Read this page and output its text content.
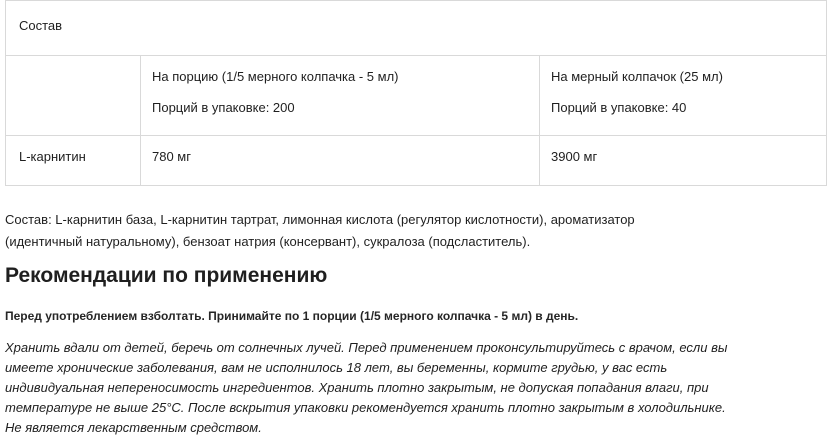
Состав
На порцию (1/5 мерного колпачка - 5 мл)
Порций в упаковке: 200
На мерный колпачок (25 мл)
Порций в упаковке: 40
L-карнитин	780 мг	3900 мг
Состав: L-карнитин база, L-карнитин тартрат, лимонная кислота (регулятор кислотности), ароматизатор
(идентичный натуральному), бензоат натрия (консервант), сукралоза (подсластитель).
Рекомендации по применению
Перед употреблением взболтать. Принимайте по 1 порции (1/5 мерного колпачка - 5 мл) в день.
Хранить вдали от детей, беречь от солнечных лучей. Перед применением проконсультируйтесь с врачом, если вы
имеете хронические заболевания, вам не исполнилось 18 лет, вы беременны, кормите грудью, у вас есть
индивидуальная непереносимость ингредиентов. Хранить плотно закрытым, не допуская попадания влаги, при
температуре не выше 25°C. После вскрытия упаковки рекомендуется хранить плотно закрытым в холодильнике.
Не является лекарственным средством.
